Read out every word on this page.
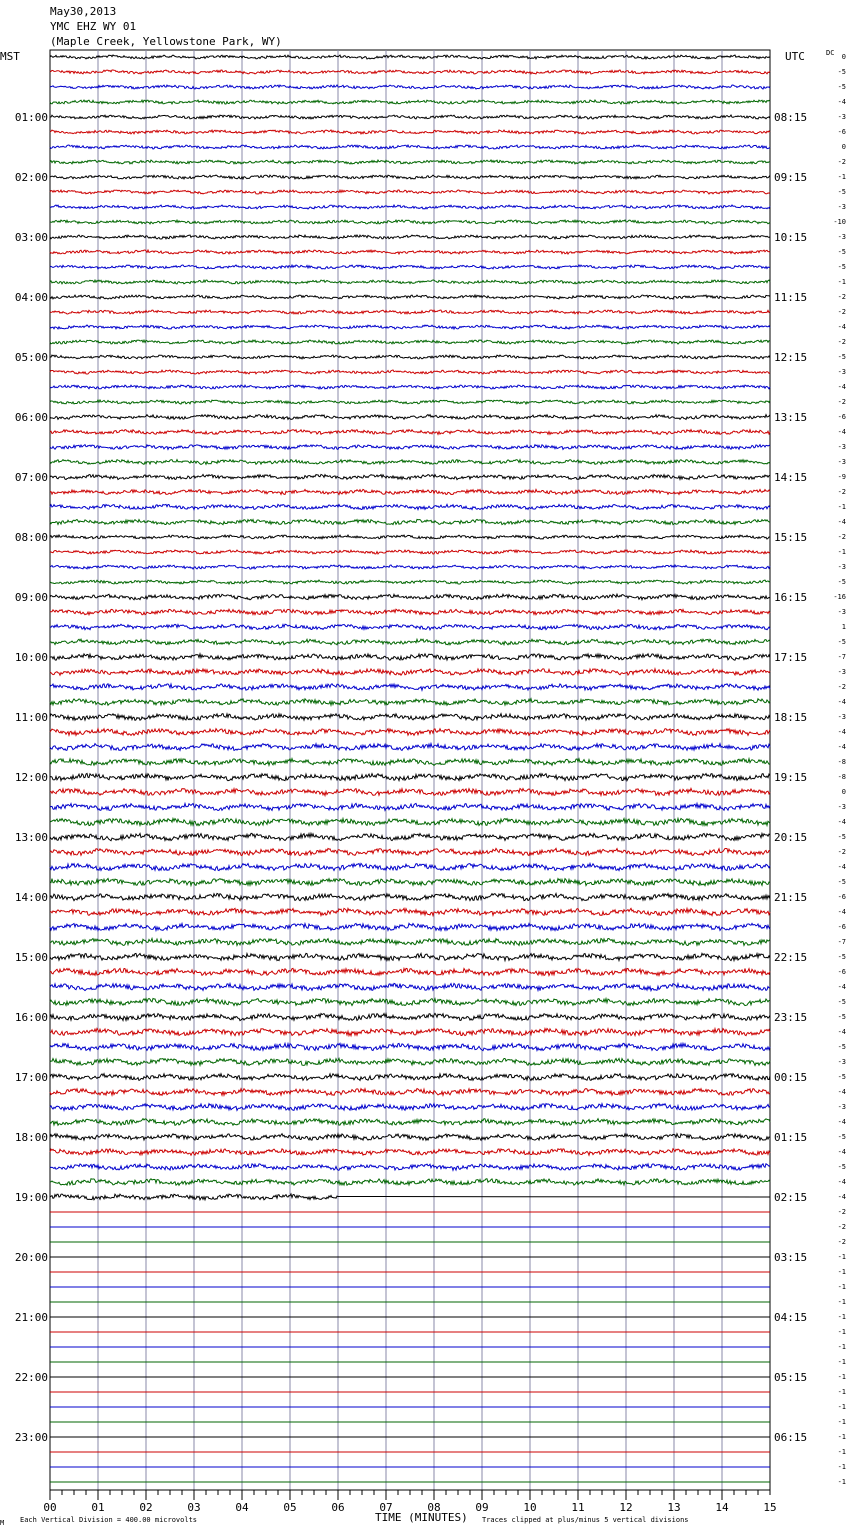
May30,2013
YMC EHZ WY 01
(Maple Creek, Yellowstone Park, WY)
MST	UTC	DC 0
-5
-5
-4
-3
-6
0
-2
-1
-5
-3
-10
-3
-5
-5
-1
-2
-2
-4
-2
-5
-3
-4
-2
-6
-4
-3
-3
-9
-2
-1
-4
-2
-1
-3
-5
-16
-3
1
-5
-7
-3
-2
-4
-3
-4
-4
-8
-8
0
-3
-4
-5
-2
-4
-5
-6
-4
-6
-7
-5
-6
-4
-5
-5
-4
-5
-3
-5
-4
-3
-4
-5
-4
-5
-4
-4
-2
-2
-2
-1
-1
-1
-1
-1
-1
-1
-1
-1
-1
-1
-1
-1
-1
-1
-1
01:00
02:00
03:00
04:00
05:00
06:00
07:00
08:00
09:00
10:00
11:00
12:00
13:00
14:00
15:00
16:00
17:00
18:00
19:00
20:00
21:00
22:00
23:00
08:15
09:15
10:15
11:15
12:15
13:15
14:15
15:15
16:15
17:15
18:15
19:15
20:15
21:15
22:15
23:15
00:15
01:15
02:15
03:15
04:15
05:15
06:15
00	01	02	03	04	05	06	07	08	09	10	11	12	13	14	15
TIME (MINUTES)
M Each Vertical Division = 400.00 microvolts	Traces clipped at plus/minus 5 vertical divisions
